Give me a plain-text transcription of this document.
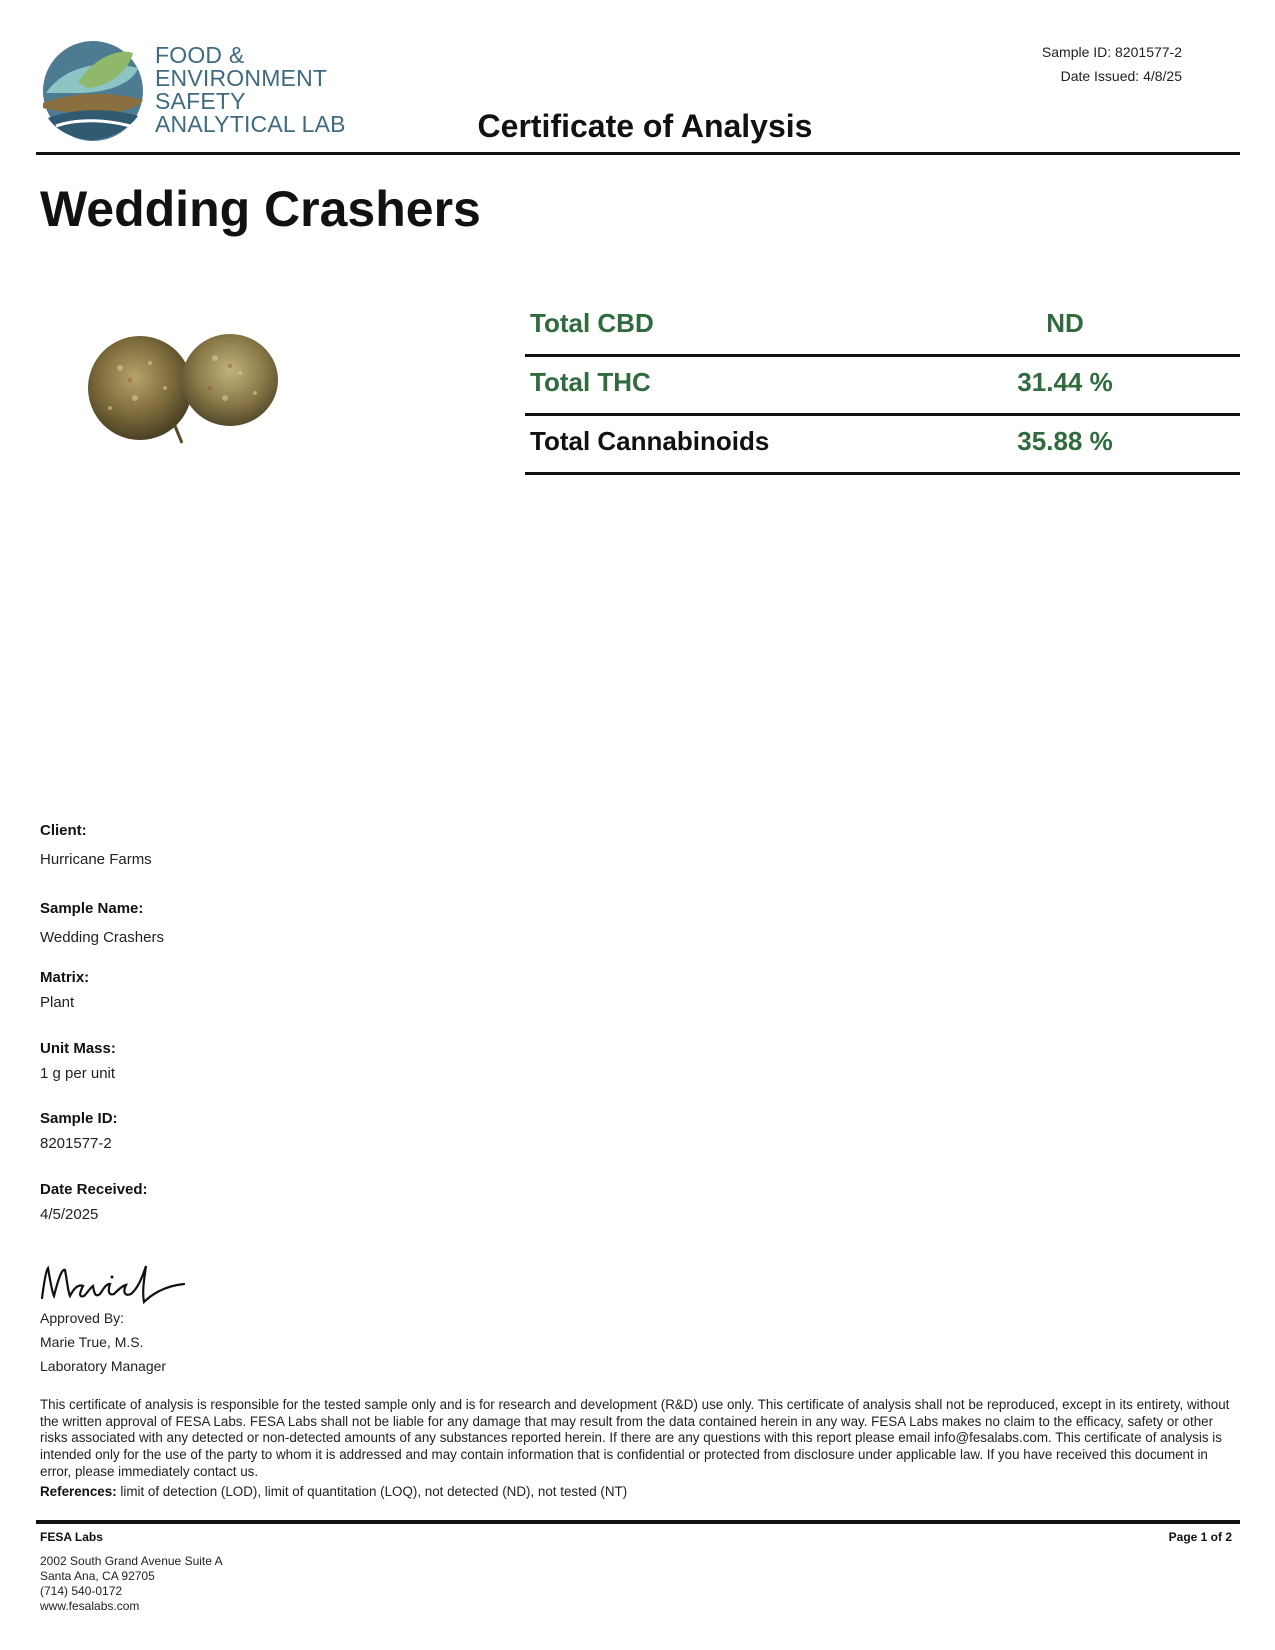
FOOD &
ENVIRONMENT
SAFETY
ANALYTICAL LAB
Sample ID: 8201577-2
Date Issued: 4/8/25
Certificate of Analysis
Wedding Crashers
Total CBD	ND
Total THC	31.44 %
Total Cannabinoids	35.88 %
Client:
Hurricane Farms
Sample Name:
Wedding Crashers
Matrix:
Plant
Unit Mass:
1 g per unit
Sample ID:
8201577-2
Date Received:
4/5/2025
Approved By:
Marie True, M.S.
Laboratory Manager
This certificate of analysis is responsible for the tested sample only and is for research and development (R&D) use only. This certificate of analysis shall not be reproduced, except in its entirety, without the written approval of FESA Labs. FESA Labs shall not be liable for any damage that may result from the data contained herein in any way. FESA Labs makes no claim to the efficacy, safety or other risks associated with any detected or non-detected amounts of any substances reported herein. If there are any questions with this report please email info@fesalabs.com. This certificate of analysis is intended only for the use of the party to whom it is addressed and may contain information that is confidential or protected from disclosure under applicable law. If you have received this document in error, please immediately contact us.
References: limit of detection (LOD), limit of quantitation (LOQ), not detected (ND), not tested (NT)
FESA Labs
2002 South Grand Avenue Suite A
Santa Ana, CA 92705
(714) 540-0172
www.fesalabs.com
Page 1 of 2
